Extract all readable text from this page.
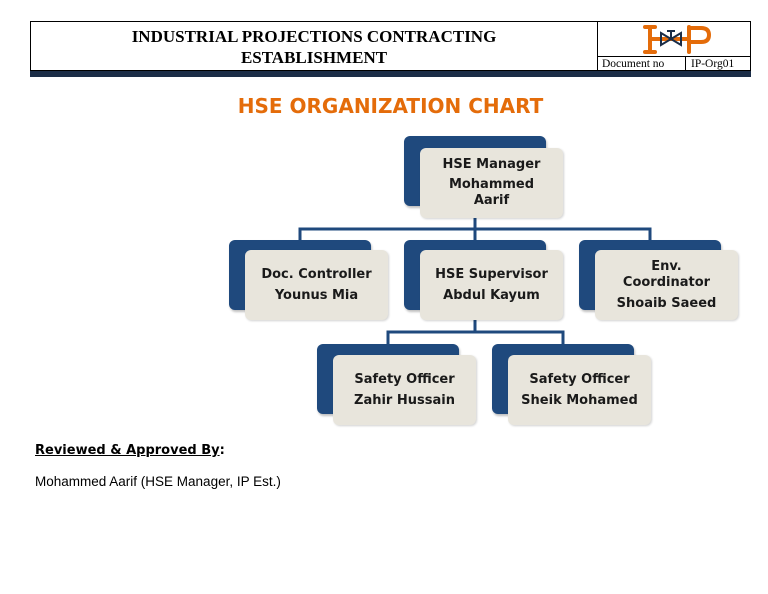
INDUSTRIAL PROJECTIONS CONTRACTING
ESTABLISHMENT	Document no IP-Org01
HSE ORGANIZATION CHART
HSE Manager
Mohammed Aarif
Doc. Controller
Younus Mia
HSE Supervisor
Abdul Kayum
Env. Coordinator
Shoaib Saeed
Safety Officer
Zahir Hussain
Safety Officer
Sheik Mohamed
Reviewed & Approved By:
Mohammed Aarif (HSE Manager, IP Est.)
